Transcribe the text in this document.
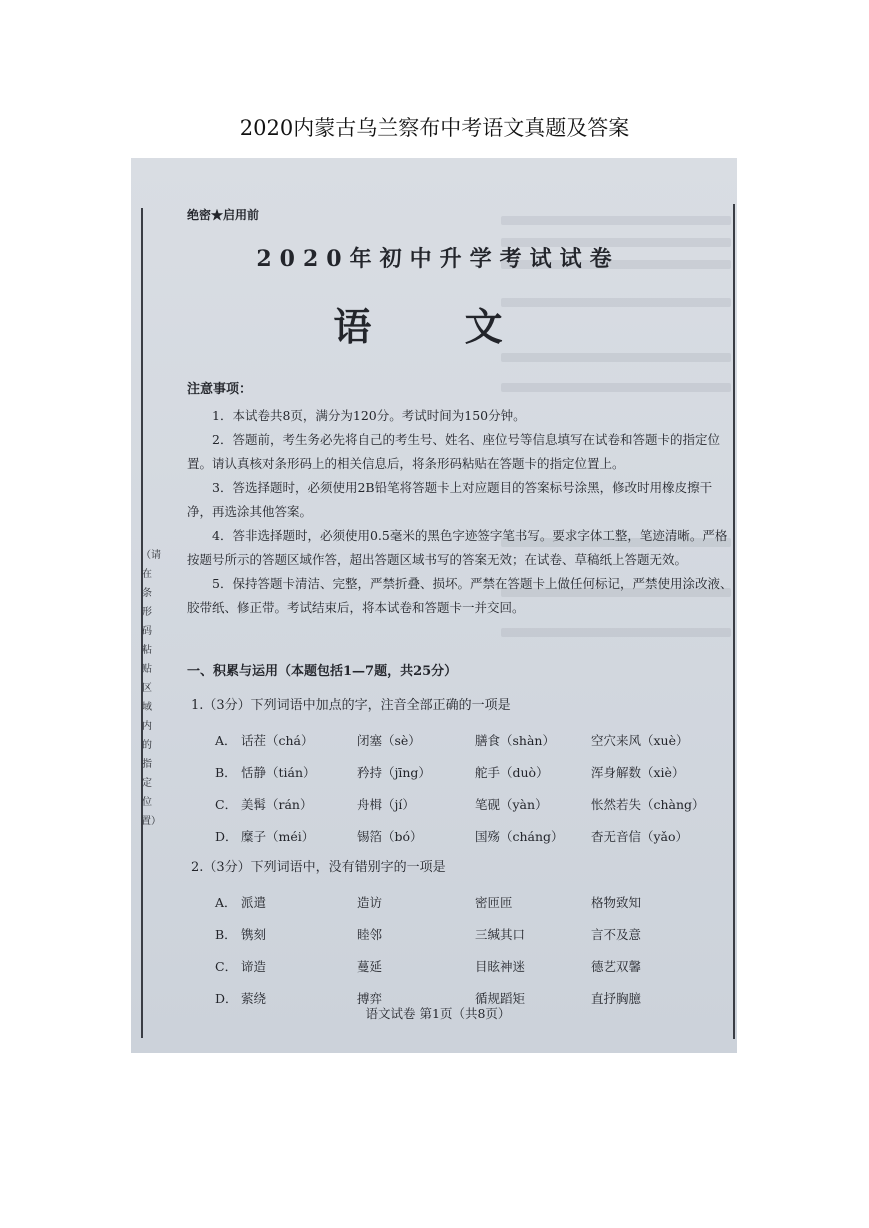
2020内蒙古乌兰察布中考语文真题及答案
（请在条形码粘贴区域内的指定位置）
绝密★启用前
2020年初中升学考试试卷
语 文
注意事项：

1．本试卷共8页，满分为120分。考试时间为150分钟。

2．答题前，考生务必先将自己的考生号、姓名、座位号等信息填写在试卷和答题卡的指定位置。请认真核对条形码上的相关信息后，将条形码粘贴在答题卡的指定位置上。

3．答选择题时，必须使用2B铅笔将答题卡上对应题目的答案标号涂黑，修改时用橡皮擦干净，再选涂其他答案。

4．答非选择题时，必须使用0.5毫米的黑色字迹签字笔书写。要求字体工整，笔迹清晰。严格按题号所示的答题区域作答，超出答题区域书写的答案无效；在试卷、草稿纸上答题无效。

5．保持答题卡清洁、完整，严禁折叠、损坏。严禁在答题卡上做任何标记，严禁使用涂改液、胶带纸、修正带。考试结束后，将本试卷和答题卡一并交回。

一、积累与运用（本题包括1—7题，共25分）
1.（3分）下列词语中加点的字，注音全部正确的一项是
A． 话茬（chá）	闭塞（sè）	膳食（shàn）	空穴来风（xuè）
B． 恬静（tián）	矜持（jīng）	舵手（duò）	浑身解数（xiè）
C． 美髯（rán）	舟楫（jí）	笔砚（yàn）	怅然若失（chàng）
D． 糜子（méi）	锡箔（bó）	国殇（cháng）	杳无音信（yǎo）
2.（3分）下列词语中，没有错别字的一项是
A． 派遣	造访	密匝匝	格物致知
B． 镌刻	睦邻	三缄其口	言不及意
C． 谛造	蔓延	目眩神迷	德艺双馨
D． 萦绕	搏弈	循规蹈矩	直抒胸臆
语文试卷 第1页（共8页）
